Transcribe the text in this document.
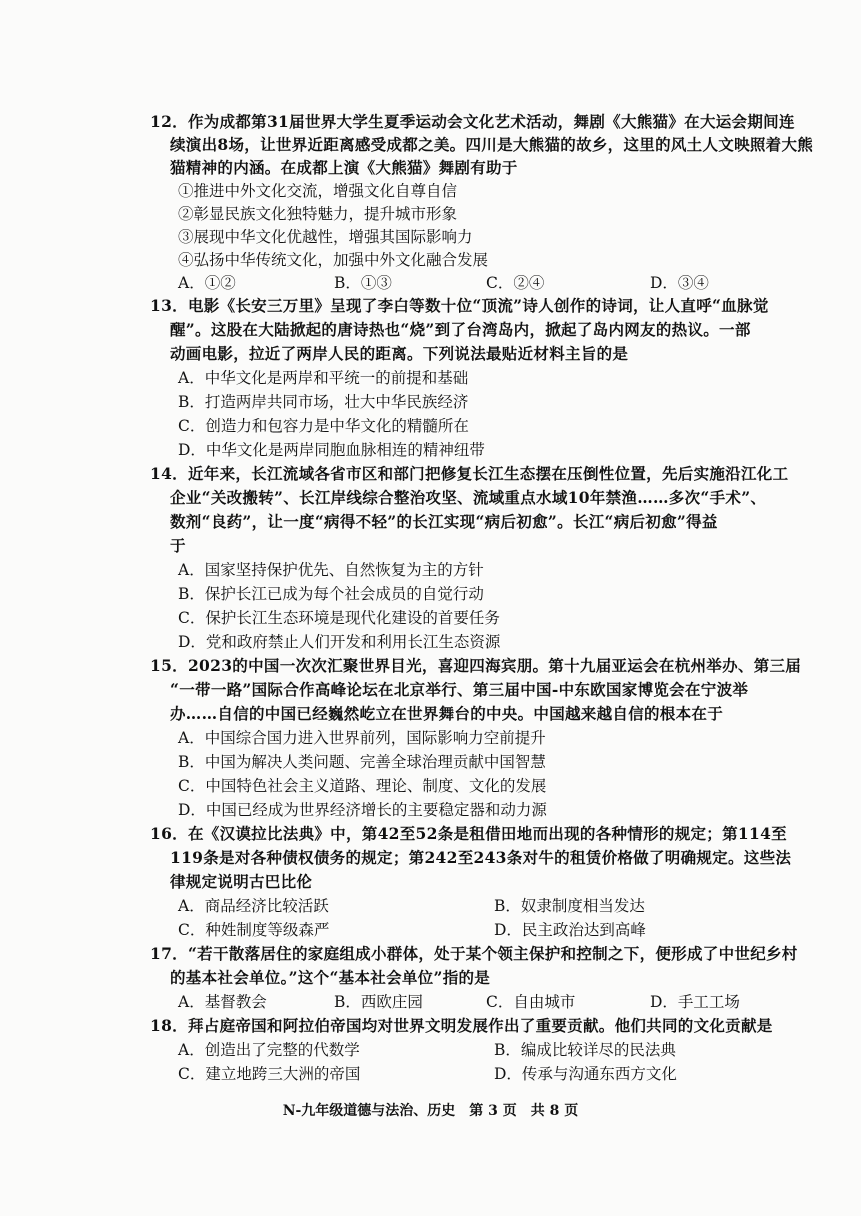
12．作为成都第31届世界大学生夏季运动会文化艺术活动，舞剧《大熊猫》在大运会期间连
续演出8场，让世界近距离感受成都之美。四川是大熊猫的故乡，这里的风土人文映照着大熊
猫精神的内涵。在成都上演《大熊猫》舞剧有助于
①推进中外文化交流，增强文化自尊自信
②彰显民族文化独特魅力，提升城市形象
③展现中华文化优越性，增强其国际影响力
④弘扬中华传统文化，加强中外文化融合发展
A．①②	B．①③	C．②④	D．③④
13．电影《长安三万里》呈现了李白等数十位“顶流”诗人创作的诗词，让人直呼“血脉觉
醒”。这股在大陆掀起的唐诗热也“烧”到了台湾岛内，掀起了岛内网友的热议。一部
动画电影，拉近了两岸人民的距离。下列说法最贴近材料主旨的是
A．中华文化是两岸和平统一的前提和基础
B．打造两岸共同市场，壮大中华民族经济
C．创造力和包容力是中华文化的精髓所在
D．中华文化是两岸同胞血脉相连的精神纽带
14．近年来，长江流域各省市区和部门把修复长江生态摆在压倒性位置，先后实施沿江化工
企业“关改搬转”、长江岸线综合整治攻坚、流域重点水域10年禁渔……多次“手术”、
数剂“良药”，让一度“病得不轻”的长江实现“病后初愈”。长江“病后初愈”得益
于
A．国家坚持保护优先、自然恢复为主的方针
B．保护长江已成为每个社会成员的自觉行动
C．保护长江生态环境是现代化建设的首要任务
D．党和政府禁止人们开发和利用长江生态资源
15．2023的中国一次次汇聚世界目光，喜迎四海宾朋。第十九届亚运会在杭州举办、第三届
“一带一路”国际合作高峰论坛在北京举行、第三届中国-中东欧国家博览会在宁波举
办……自信的中国已经巍然屹立在世界舞台的中央。中国越来越自信的根本在于
A．中国综合国力进入世界前列，国际影响力空前提升
B．中国为解决人类问题、完善全球治理贡献中国智慧
C．中国特色社会主义道路、理论、制度、文化的发展
D．中国已经成为世界经济增长的主要稳定器和动力源
16．在《汉谟拉比法典》中，第42至52条是租借田地而出现的各种情形的规定；第114至
119条是对各种债权债务的规定；第242至243条对牛的租赁价格做了明确规定。这些法
律规定说明古巴比伦
A．商品经济比较活跃	B．奴隶制度相当发达
C．种姓制度等级森严	D．民主政治达到高峰
17．“若干散落居住的家庭组成小群体，处于某个领主保护和控制之下，便形成了中世纪乡村
的基本社会单位。”这个“基本社会单位”指的是
A．基督教会	B．西欧庄园	C．自由城市	D．手工工场
18．拜占庭帝国和阿拉伯帝国均对世界文明发展作出了重要贡献。他们共同的文化贡献是
A．创造出了完整的代数学	B．编成比较详尽的民法典
C．建立地跨三大洲的帝国	D．传承与沟通东西方文化
N-九年级道德与法治、历史　第 3 页　共 8 页
